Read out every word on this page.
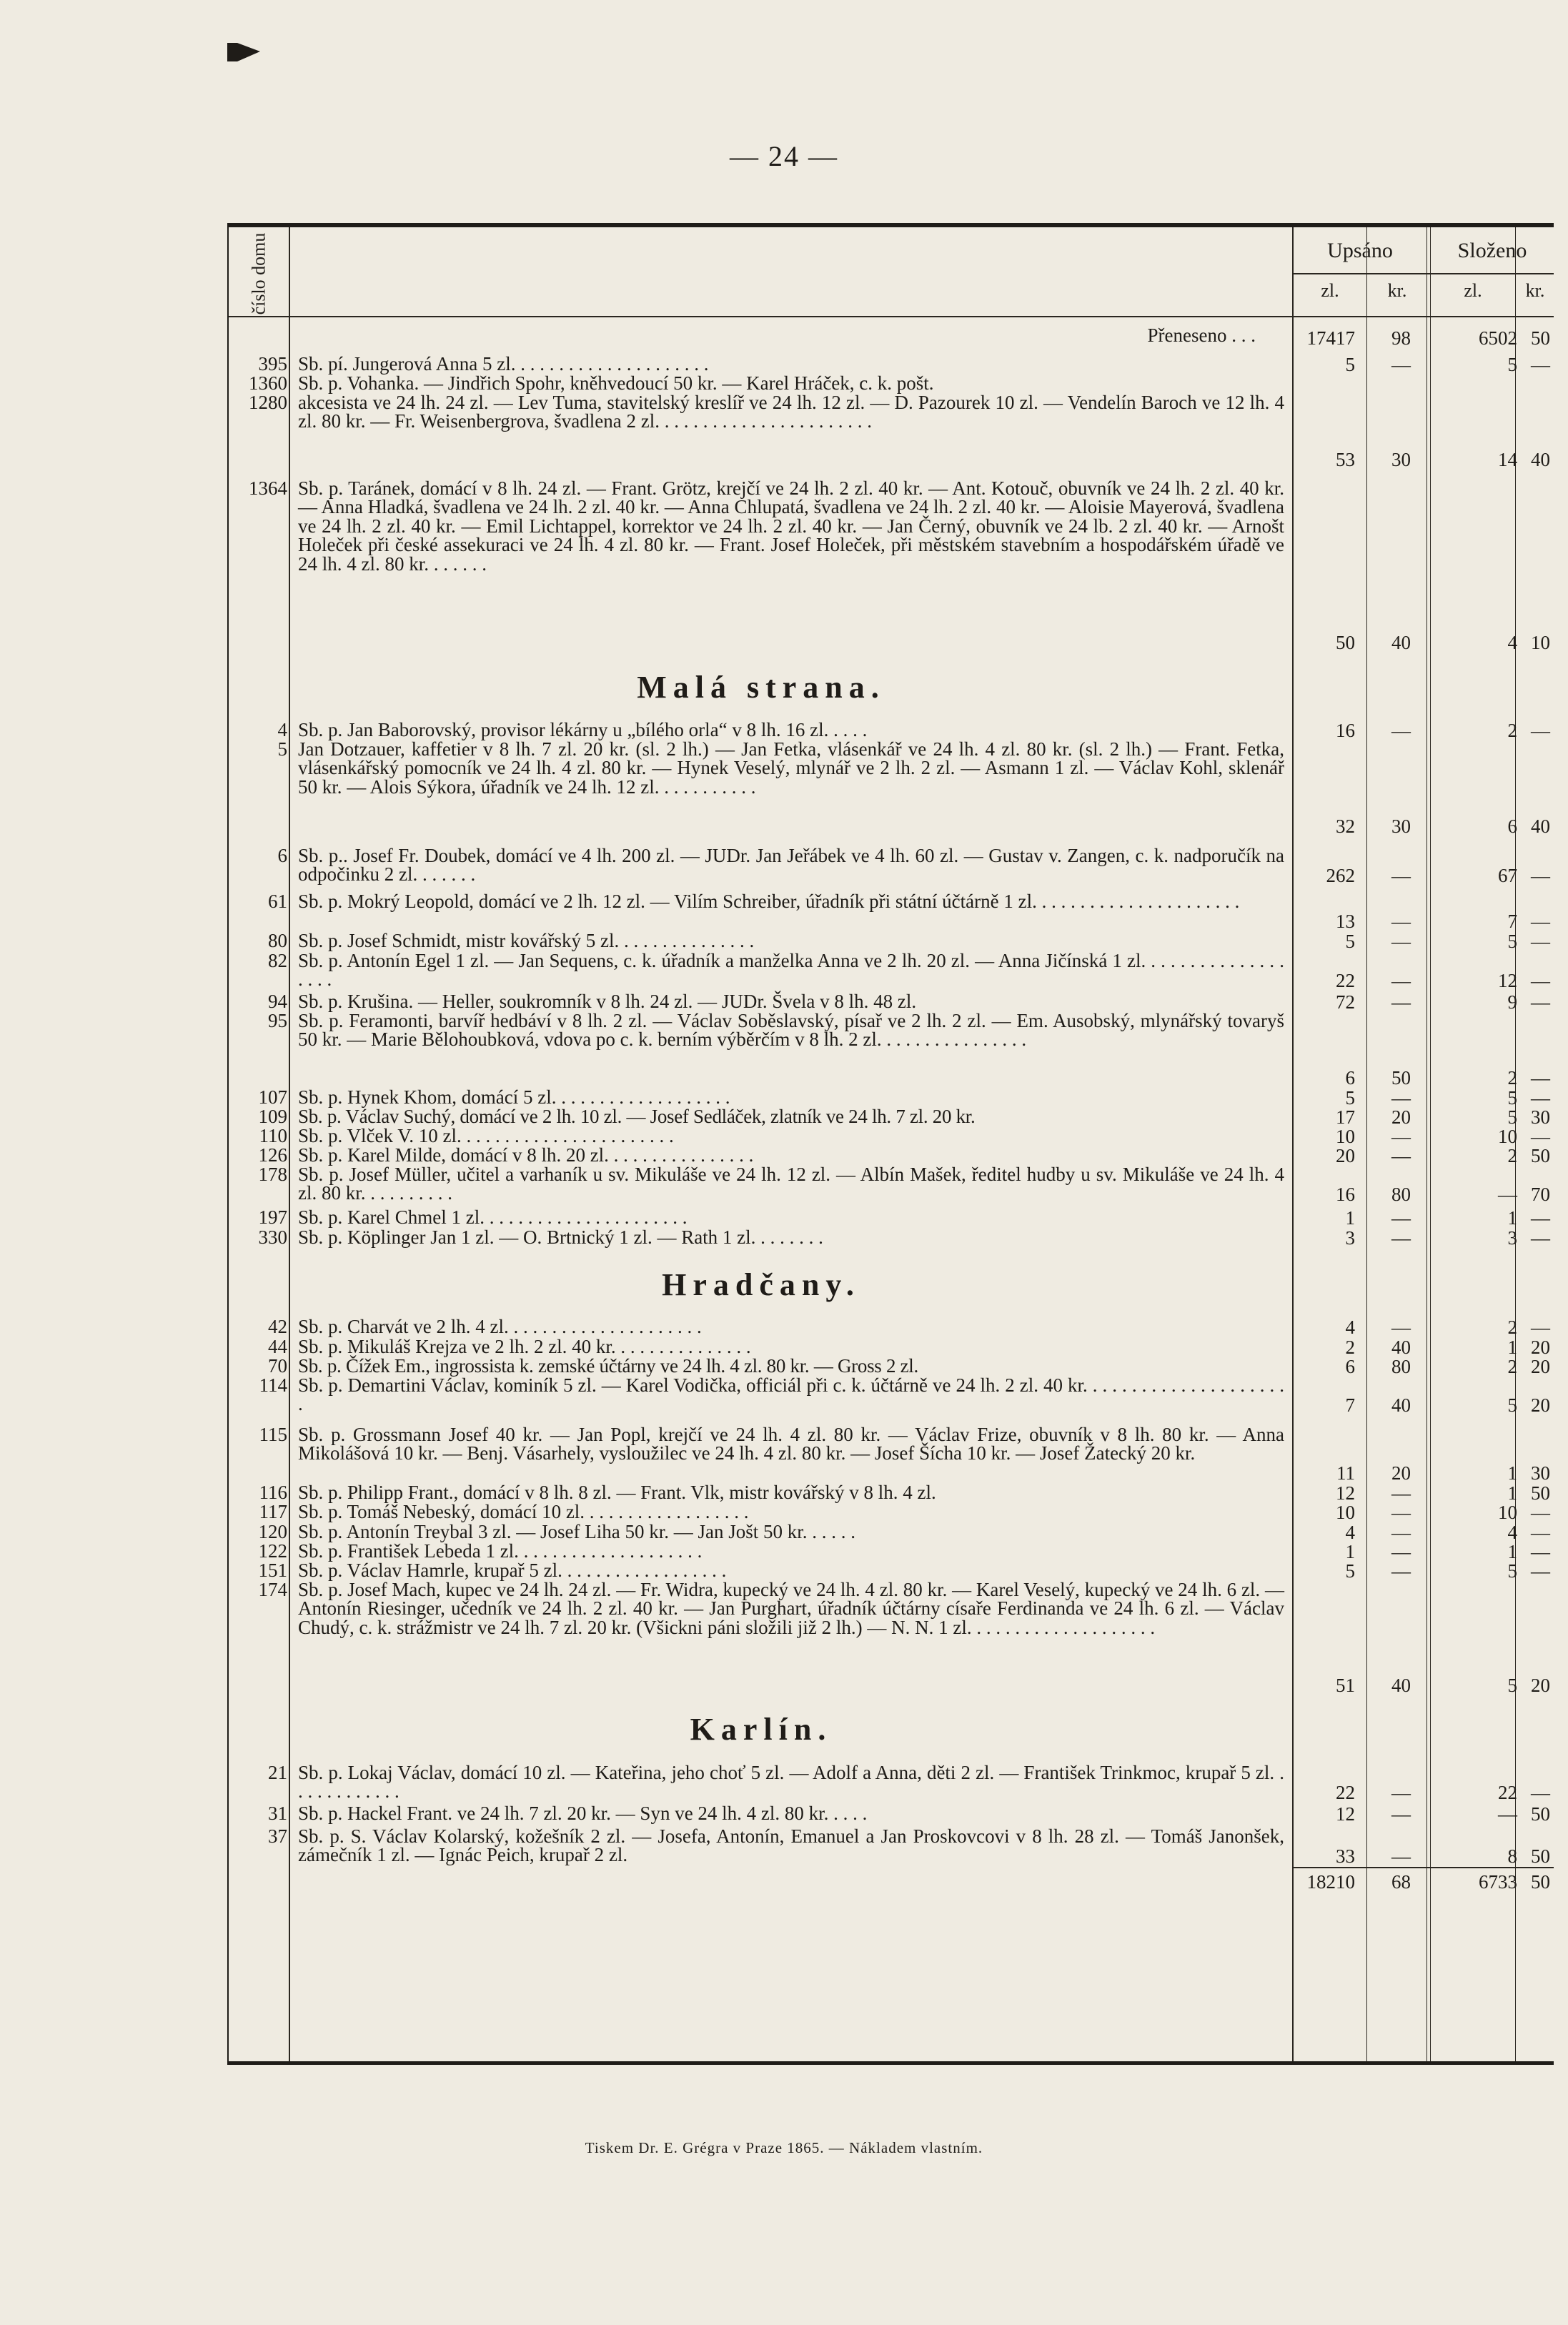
— 24 —
číslo domu	Upsáno	Složeno
zl.	kr.	zl.	kr.
Přeneseno . . .	17417	98	6502 50
395 Sb. pí. Jungerová Anna 5 zl. . . . . . . . . . . . . . . . . . . . .	5	—	5 —
1360 Sb. p. Vohanka. — Jindřich Spohr, kněhvedoucí 50 kr. — Karel Hráček, c. k. pošt.
1280 akcesista ve 24 lh. 24 zl. — Lev Tuma, stavitelský kreslíř ve 24 lh. 12 zl. — D. Pazourek 10 zl. — Vendelín Baroch ve 12 lh. 4 zl. 80 kr. — Fr. Weisenbergrova, švadlena 2 zl. . . . . . . . . . . . . . . . . . . . . . .
53	30	14 40
1364 Sb. p. Taránek, domácí v 8 lh. 24 zl. — Frant. Grötz, krejčí ve 24 lh. 2 zl. 40 kr. — Ant. Kotouč, obuvník ve 24 lh. 2 zl. 40 kr. — Anna Hladká, švadlena ve 24 lh. 2 zl. 40 kr. — Anna Chlupatá, švadlena ve 24 lh. 2 zl. 40 kr. — Aloisie Mayerová, švadlena ve 24 lh. 2 zl. 40 kr. — Emil Lichtappel, korrektor ve 24 lh. 2 zl. 40 kr. — Jan Černý, obuvník ve 24 lb. 2 zl. 40 kr. — Arnošt Holeček při české assekuraci ve 24 lh. 4 zl. 80 kr. — Frant. Josef Holeček, při městském stavebním a hospodářském úřadě ve 24 lh. 4 zl. 80 kr. . . . . . .
50	40	4 10
Malá strana.
4 Sb. p. Jan Baborovský, provisor lékárny u „bílého orla“ v 8 lh. 16 zl. . . . .	16	—	2 —
5 Jan Dotzauer, kaffetier v 8 lh. 7 zl. 20 kr. (sl. 2 lh.) — Jan Fetka, vlásenkář ve 24 lh. 4 zl. 80 kr. (sl. 2 lh.) — Frant. Fetka, vlásenkářský pomocník ve 24 lh. 4 zl. 80 kr. — Hynek Veselý, mlynář ve 2 lh. 2 zl. — Asmann 1 zl. — Václav Kohl, sklenář 50 kr. — Alois Sýkora, úřadník ve 24 lh. 12 zl. . . . . . . . . . .
32	30	6 40
6 Sb. p.. Josef Fr. Doubek, domácí ve 4 lh. 200 zl. — JUDr. Jan Jeřábek ve 4 lh. 60 zl. — Gustav v. Zangen, c. k. nadporučík na odpočinku 2 zl. . . . . . .	262	—	67 —
61 Sb. p. Mokrý Leopold, domácí ve 2 lh. 12 zl. — Vilím Schreiber, úřadník při státní účtárně 1 zl. . . . . . . . . . . . . . . . . . . . . .
13	—	7 —
80 Sb. p. Josef Schmidt, mistr kovářský 5 zl. . . . . . . . . . . . . . .	5	—	5 —
82 Sb. p. Antonín Egel 1 zl. — Jan Sequens, c. k. úřadník a manželka Anna ve 2 lh. 20 zl. — Anna Jičínská 1 zl. . . . . . . . . . . . . . . . . . .	22	—	12 —
94 Sb. p. Krušina. — Heller, soukromník v 8 lh. 24 zl. — JUDr. Švela v 8 lh. 48 zl.	72	—	9 —
95 Sb. p. Feramonti, barvíř hedbáví v 8 lh. 2 zl. — Václav Soběslavský, písař ve 2 lh. 2 zl. — Em. Ausobský, mlynářský tovaryš 50 kr. — Marie Bělohoubková, vdova po c. k. berním výběrčím v 8 lh. 2 zl. . . . . . . . . . . . . . . .
6	50	2 —
107 Sb. p. Hynek Khom, domácí 5 zl. . . . . . . . . . . . . . . . . . .	5	—	5 —
109 Sb. p. Václav Suchý, domácí ve 2 lh. 10 zl. — Josef Sedláček, zlatník ve 24 lh. 7 zl. 20 kr.	17	20	5 30
110 Sb. p. Vlček V. 10 zl. . . . . . . . . . . . . . . . . . . . . . .	10	—	10 —
126 Sb. p. Karel Milde, domácí v 8 lh. 20 zl. . . . . . . . . . . . . . . .	20	—	2 50
178 Sb. p. Josef Müller, učitel a varhaník u sv. Mikuláše ve 24 lh. 12 zl. — Albín Mašek, ředitel hudby u sv. Mikuláše ve 24 lh. 4 zl. 80 kr. . . . . . . . . .	16	80	— 70
197 Sb. p. Karel Chmel 1 zl. . . . . . . . . . . . . . . . . . . . . .	1	—	1 —
330 Sb. p. Köplinger Jan 1 zl. — O. Brtnický 1 zl. — Rath 1 zl. . . . . . . .	3	—	3 —
Hradčany.
42 Sb. p. Charvát ve 2 lh. 4 zl. . . . . . . . . . . . . . . . . . . . .	4	—	2 —
44 Sb. p. Mikuláš Krejza ve 2 lh. 2 zl. 40 kr. . . . . . . . . . . . . . .	2	40	1 20
70 Sb. p. Čížek Em., ingrossista k. zemské účtárny ve 24 lh. 4 zl. 80 kr. — Gross 2 zl.	6	80	2 20
114 Sb. p. Demartini Václav, kominík 5 zl. — Karel Vodička, officiál při c. k. účtárně ve 24 lh. 2 zl. 40 kr. . . . . . . . . . . . . . . . . . . . . .	7	40	5 20
115 Sb. p. Grossmann Josef 40 kr. — Jan Popl, krejčí ve 24 lh. 4 zl. 80 kr. — Václav Frize, obuvník v 8 lh. 80 kr. — Anna Mikolášová 10 kr. — Benj. Vásarhely, vysloužilec ve 24 lh. 4 zl. 80 kr. — Josef Šícha 10 kr. — Josef Žatecký 20 kr.
11	20	1 30
116 Sb. p. Philipp Frant., domácí v 8 lh. 8 zl. — Frant. Vlk, mistr kovářský v 8 lh. 4 zl.	12	—	1 50
117 Sb. p. Tomáš Nebeský, domácí 10 zl. . . . . . . . . . . . . . . . . .	10	—	10 —
120 Sb. p. Antonín Treybal 3 zl. — Josef Liha 50 kr. — Jan Jošt 50 kr. . . . . .	4	—	4 —
122 Sb. p. František Lebeda 1 zl. . . . . . . . . . . . . . . . . . . .	1	—	1 —
151 Sb. p. Václav Hamrle, krupař 5 zl. . . . . . . . . . . . . . . . . .	5	—	5 —
174 Sb. p. Josef Mach, kupec ve 24 lh. 24 zl. — Fr. Widra, kupecký ve 24 lh. 4 zl. 80 kr. — Karel Veselý, kupecký ve 24 lh. 6 zl. — Antonín Riesinger, učedník ve 24 lh. 2 zl. 40 kr. — Jan Purghart, úřadník účtárny císaře Ferdinanda ve 24 lh. 6 zl. — Václav Chudý, c. k. strážmistr ve 24 lh. 7 zl. 20 kr. (Všickni páni složili již 2 lh.) — N. N. 1 zl. . . . . . . . . . . . . . . . . . . .
51	40	5 20
Karlín.
21 Sb. p. Lokaj Václav, domácí 10 zl. — Kateřina, jeho choť 5 zl. — Adolf a Anna, děti 2 zl. — František Trinkmoc, krupař 5 zl. . . . . . . . . . . . .	22	—	22 —
31 Sb. p. Hackel Frant. ve 24 lh. 7 zl. 20 kr. — Syn ve 24 lh. 4 zl. 80 kr. . . . .	12	—	— 50
37 Sb. p. S. Václav Kolarský, kožešník 2 zl. — Josefa, Antonín, Emanuel a Jan Proskovcovi v 8 lh. 28 zl. — Tomáš Janonšek, zámečník 1 zl. — Ignác Peich, krupař 2 zl.	33	—	8 50
18210	68	6733 50
Tiskem Dr. E. Grégra v Praze 1865. — Nákladem vlastním.
